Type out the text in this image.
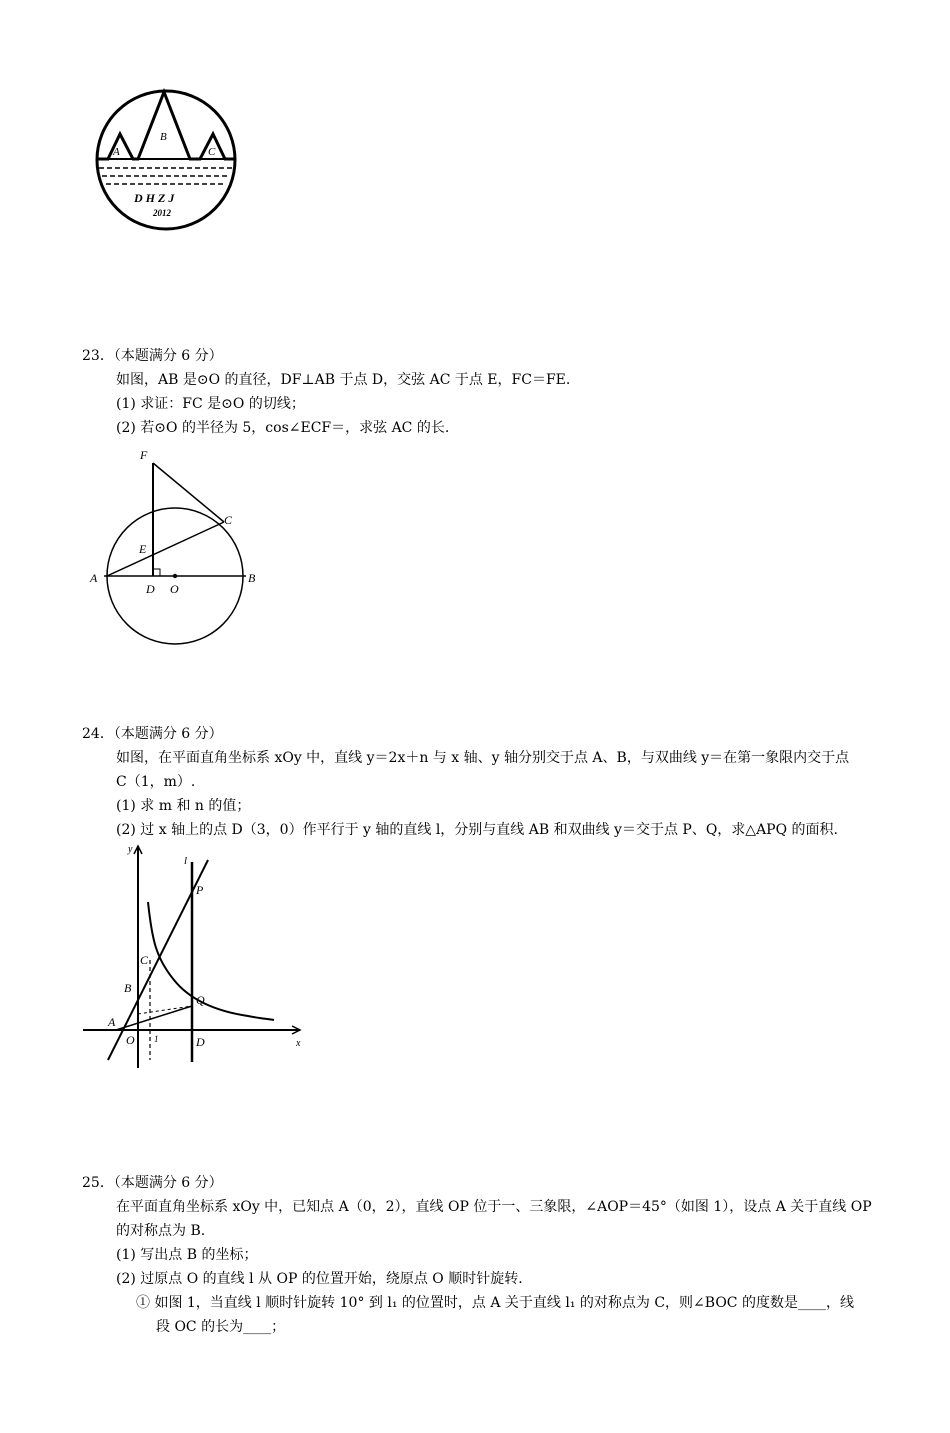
A
B
C
D H Z J
2012
23．（本题满分 6 分）
如图，AB 是⊙O 的直径，DF⊥AB 于点 D，交弦 AC 于点 E，FC＝FE.
(1) 求证：FC 是⊙O 的切线；
(2) 若⊙O 的半径为 5，cos∠ECF＝，求弦 AC 的长.
F
C
E
A
D O
B
24．（本题满分 6 分）
如图，在平面直角坐标系 xOy 中，直线 y＝2x＋n 与 x 轴、y 轴分别交于点 A、B，与双曲线 y＝在第一象限内交于点
C（1，m）.
(1) 求 m 和 n 的值；
(2) 过 x 轴上的点 D（3，0）作平行于 y 轴的直线 l，分别与直线 AB 和双曲线 y＝交于点 P、Q，求△APQ 的面积.
y
l
P
C
B
Q
A
O 1	D	x
25．（本题满分 6 分）
在平面直角坐标系 xOy 中，已知点 A（0，2），直线 OP 位于一、三象限，∠AOP＝45°（如图 1），设点 A 关于直线 OP
的对称点为 B.
(1) 写出点 B 的坐标；
(2) 过原点 O 的直线 l 从 OP 的位置开始，绕原点 O 顺时针旋转.
① 如图 1，当直线 l 顺时针旋转 10° 到 l₁ 的位置时，点 A 关于直线 l₁ 的对称点为 C，则∠BOC 的度数是____，线
段 OC 的长为____；
